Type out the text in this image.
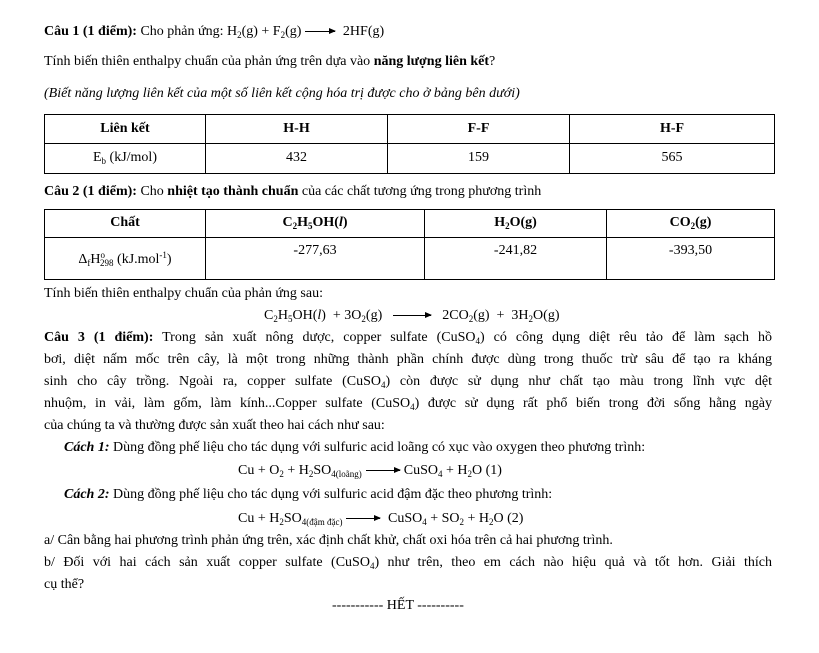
Câu 1 (1 điểm): Cho phản ứng: $H_2(g) + F_2(g)$	2HF(g)
Tính biến thiên enthalpy chuẩn của phản ứng trên dựa vào năng lượng liên kết?
(Biết năng lượng liên kết của một số liên kết cộng hóa trị được cho ở bảng bên dưới)
Liên kết	H-H	F-F	H-F
$E_b$ (kJ/mol)	432	159	565
Câu 2 (1 điểm): Cho nhiệt tạo thành chuẩn của các chất tương ứng trong phương trình
Chất	$C_2H_5OH(l)$	$H_2O(g)$	$CO_2(g)$
$\Delta_fH^o_{298}$ (kJ.mol$^{-1}$)	-277,63	-241,82	-393,50
Tính biến thiên enthalpy chuẩn của phản ứng sau:
$C_2H_5OH(l) + 3O_2(g)$	$2CO_2(g) + 3H_2O(g)$
Câu 3 (1 điểm): Trong sản xuất nông dược, copper sulfate (CuSO$_4$) có công dụng diệt rêu tảo để làm sạch hồ
bơi, diệt nấm mốc trên cây, là một trong những thành phần chính được dùng trong thuốc trừ sâu để tạo ra kháng
sinh cho cây trồng. Ngoài ra, copper sulfate (CuSO$_4$) còn được sử dụng như chất tạo màu trong lĩnh vực dệt
nhuộm, in vải, làm gốm, làm kính...Copper sulfate (CuSO$_4$) được sử dụng rất phổ biến trong đời sống hằng ngày
của chúng ta và thường được sản xuất theo hai cách như sau:
Cách 1: Dùng đồng phế liệu cho tác dụng với sulfuric acid loãng có xục vào oxygen theo phương trình:
$Cu + O_2 + H_2SO_{4(loãng)}$	CuSO$_4$ + $H_2O$ (1)
Cách 2: Dùng đồng phế liệu cho tác dụng với sulfuric acid đậm đặc theo phương trình:
$Cu + H_2SO_{4(đậm đặc)}$	CuSO$_4$ + $SO_2 + H_2O$ (2)
a/ Cân bằng hai phương trình phản ứng trên, xác định chất khử, chất oxi hóa trên cả hai phương trình.
b/ Đối với hai cách sản xuất copper sulfate (CuSO$_4$) như trên, theo em cách nào hiệu quả và tốt hơn. Giải thích
cụ thể?
----------- HẾT ----------
